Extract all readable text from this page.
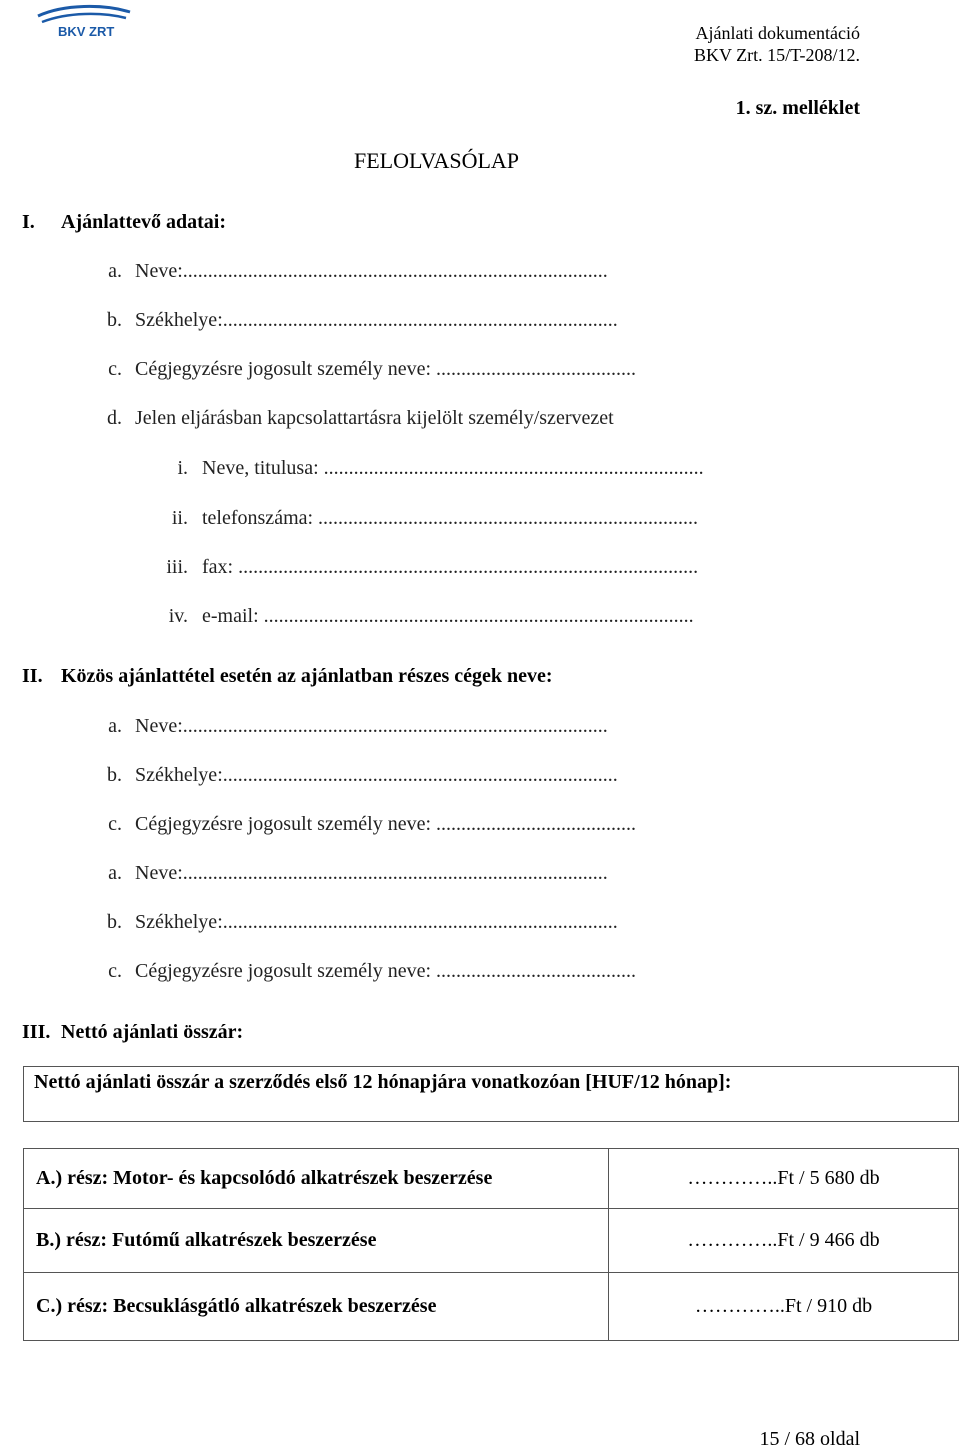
BKV ZRT	Ajánlati dokumentáció
BKV Zrt. 15/T-208/12.
1. sz. melléklet
FELOLVASÓLAP
I. Ajánlattevő adatai:
a. Neve:.....................................................................................
b. Székhelye:...............................................................................
c. Cégjegyzésre jogosult személy neve: ........................................
d. Jelen eljárásban kapcsolattartásra kijelölt személy/szervezet
i. Neve, titulusa: ............................................................................
ii. telefonszáma: ............................................................................
iii. fax: ............................................................................................
iv. e-mail: ......................................................................................
II. Közös ajánlattétel esetén az ajánlatban részes cégek neve:
a. Neve:.....................................................................................
b. Székhelye:...............................................................................
c. Cégjegyzésre jogosult személy neve: ........................................
a. Neve:.....................................................................................
b. Székhelye:...............................................................................
c. Cégjegyzésre jogosult személy neve: ........................................
III. Nettó ajánlati összár:
Nettó ajánlati összár a szerződés első 12 hónapjára vonatkozóan [HUF/12 hónap]:
A.) rész: Motor- és kapcsolódó alkatrészek beszerzése	…………..Ft / 5 680 db
B.) rész: Futómű alkatrészek beszerzése	…………..Ft / 9 466 db
C.) rész: Becsuklásgátló alkatrészek beszerzése	…………..Ft / 910 db
15 / 68 oldal
